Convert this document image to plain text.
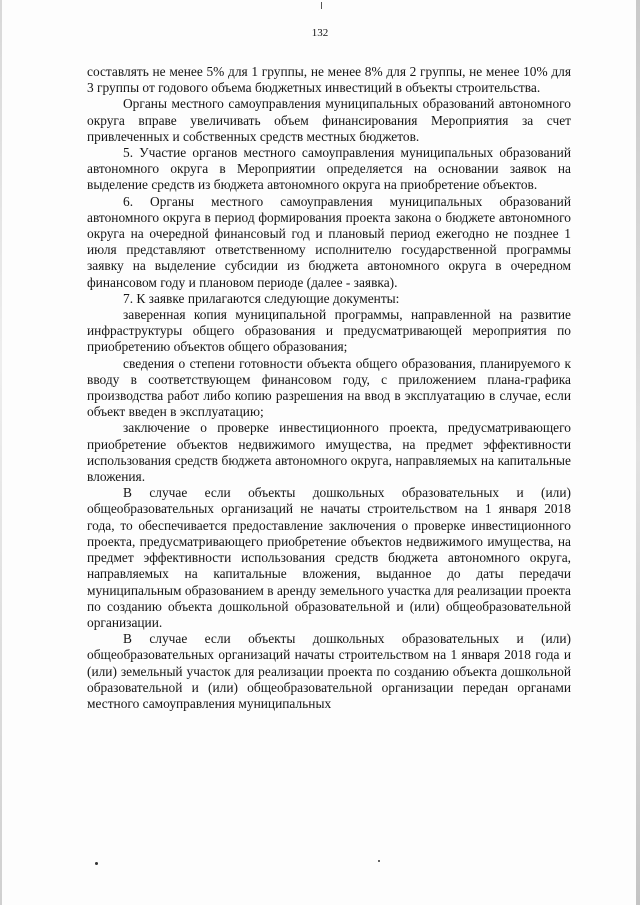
132

составлять не менее 5% для 1 группы, не менее 8% для 2 группы, не менее 10% для 3 группы от годового объема бюджетных инвестиций в объекты строительства.

Органы местного самоуправления муниципальных образований автономного округа вправе увеличивать объем финансирования Мероприятия за счет привлеченных и собственных средств местных бюджетов.

5. Участие органов местного самоуправления муниципальных образований автономного округа в Мероприятии определяется на основании заявок на выделение средств из бюджета автономного округа на приобретение объектов.

6. Органы местного самоуправления муниципальных образований автономного округа в период формирования проекта закона о бюджете автономного округа на очередной финансовый год и плановый период ежегодно не позднее 1 июля представляют ответственному исполнителю государственной программы заявку на выделение субсидии из бюджета автономного округа в очередном финансовом году и плановом периоде (далее - заявка).

7. К заявке прилагаются следующие документы:

заверенная копия муниципальной программы, направленной на развитие инфраструктуры общего образования и предусматривающей мероприятия по приобретению объектов общего образования;

сведения о степени готовности объекта общего образования, планируемого к вводу в соответствующем финансовом году, с приложением плана-графика производства работ либо копию разрешения на ввод в эксплуатацию в случае, если объект введен в эксплуатацию;

заключение о проверке инвестиционного проекта, предусматривающего приобретение объектов недвижимого имущества, на предмет эффективности использования средств бюджета автономного округа, направляемых на капитальные вложения.

В случае если объекты дошкольных образовательных и (или) общеобразовательных организаций не начаты строительством на 1 января 2018 года, то обеспечивается предоставление заключения о проверке инвестиционного проекта, предусматривающего приобретение объектов недвижимого имущества, на предмет эффективности использования средств бюджета автономного округа, направляемых на капитальные вложения, выданное до даты передачи муниципальным образованием в аренду земельного участка для реализации проекта по созданию объекта дошкольной образовательной и (или) общеобразовательной организации.

В случае если объекты дошкольных образовательных и (или) общеобразовательных организаций начаты строительством на 1 января 2018 года и (или) земельный участок для реализации проекта по созданию объекта дошкольной образовательной и (или) общеобразовательной организации передан органами местного самоуправления муниципальных
